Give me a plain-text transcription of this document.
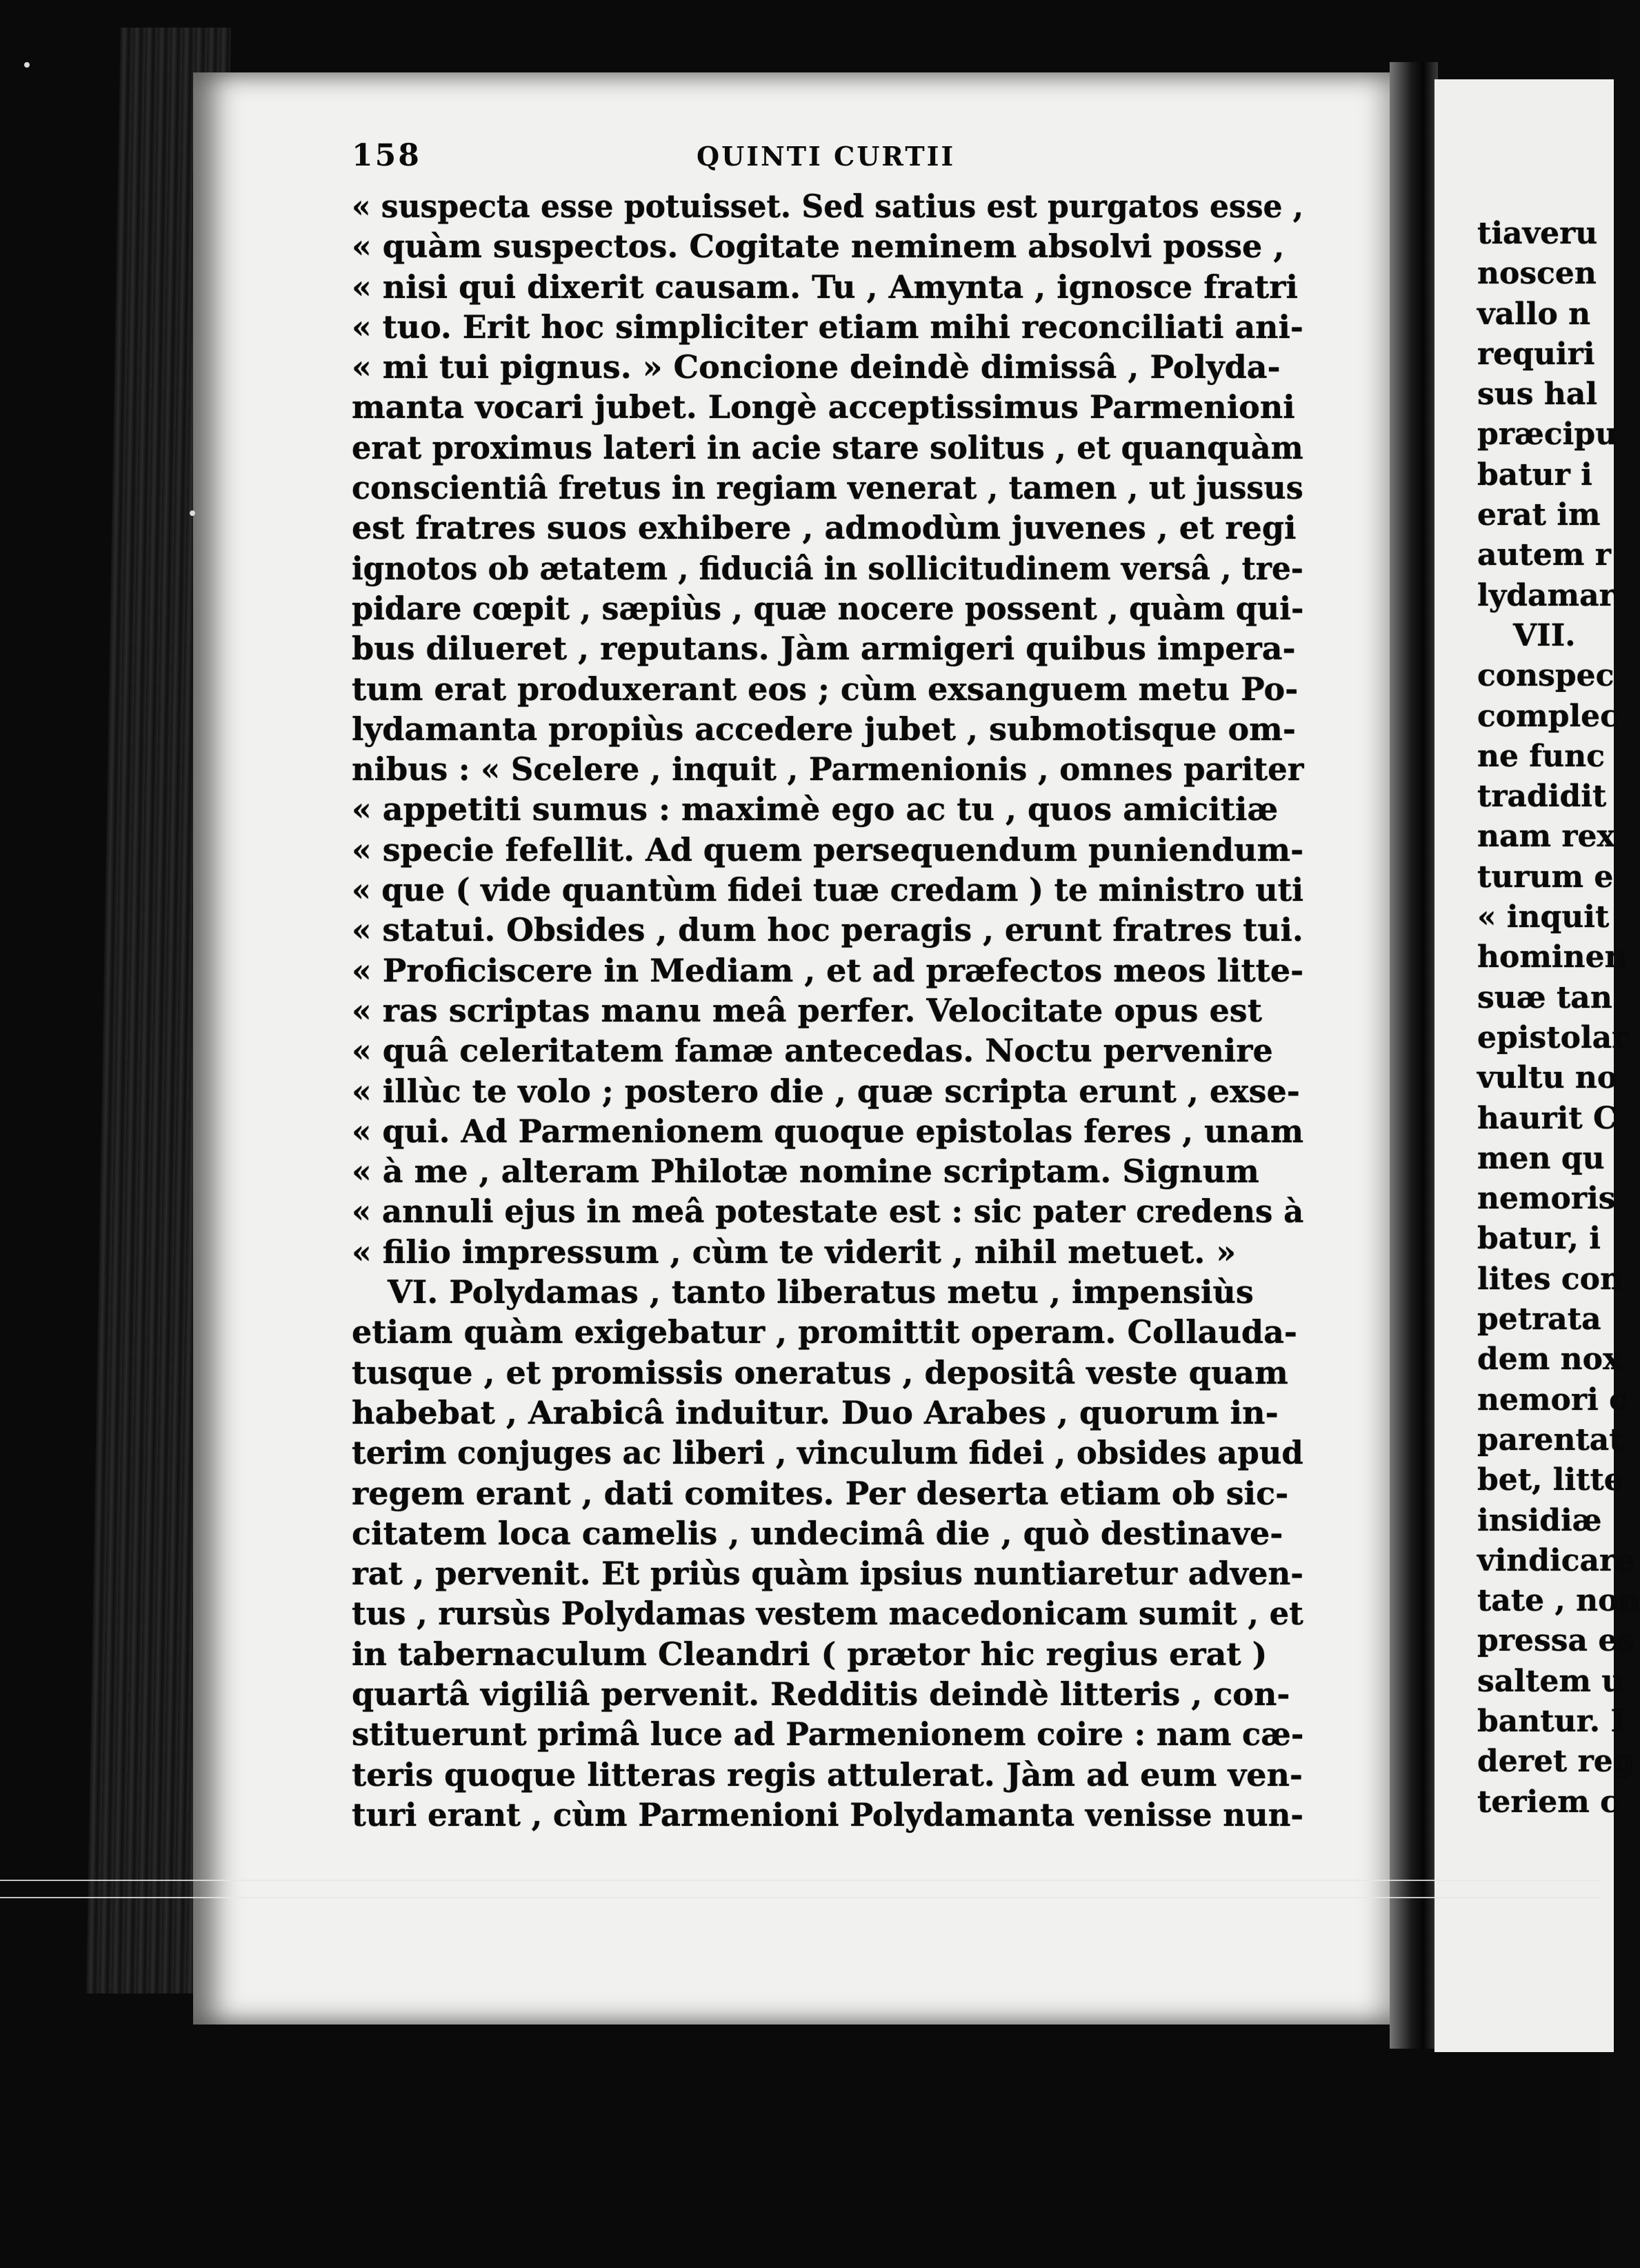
158	QUINTI CURTII
« suspecta esse potuisset. Sed satius est purgatos esse ,
« quàm suspectos. Cogitate neminem absolvi posse ,
« nisi qui dixerit causam. Tu , Amynta , ignosce fratri
« tuo. Erit hoc simpliciter etiam mihi reconciliati ani-
« mi tui pignus. » Concione deindè dimissâ , Polyda-
manta vocari jubet. Longè acceptissimus Parmenioni
erat proximus lateri in acie stare solitus , et quanquàm
conscientiâ fretus in regiam venerat , tamen , ut jussus
est fratres suos exhibere , admodùm juvenes , et regi
ignotos ob ætatem , fiduciâ in sollicitudinem versâ , tre-
pidare cœpit , sæpiùs , quæ nocere possent , quàm qui-
bus dilueret , reputans. Jàm armigeri quibus impera-
tum erat produxerant eos ; cùm exsanguem metu Po-
lydamanta propiùs accedere jubet , submotisque om-
nibus : « Scelere , inquit , Parmenionis , omnes pariter
« appetiti sumus : maximè ego ac tu , quos amicitiæ
« specie fefellit. Ad quem persequendum puniendum-
« que ( vide quantùm fidei tuæ credam ) te ministro uti
« statui. Obsides , dum hoc peragis , erunt fratres tui.
« Proficiscere in Mediam , et ad præfectos meos litte-
« ras scriptas manu meâ perfer. Velocitate opus est
« quâ celeritatem famæ antecedas. Noctu pervenire
« illùc te volo ; postero die , quæ scripta erunt , exse-
« qui. Ad Parmenionem quoque epistolas feres , unam
« à me , alteram Philotæ nomine scriptam. Signum
« annuli ejus in meâ potestate est : sic pater credens à
« filio impressum , cùm te viderit , nihil metuet. »
VI. Polydamas , tanto liberatus metu , impensiùs
etiam quàm exigebatur , promittit operam. Collauda-
tusque , et promissis oneratus , depositâ veste quam
habebat , Arabicâ induitur. Duo Arabes , quorum in-
terim conjuges ac liberi , vinculum fidei , obsides apud
regem erant , dati comites. Per deserta etiam ob sic-
citatem loca camelis , undecimâ die , quò destinave-
rat , pervenit. Et priùs quàm ipsius nuntiaretur adven-
tus , rursùs Polydamas vestem macedonicam sumit , et
in tabernaculum Cleandri ( prætor hic regius erat )
quartâ vigiliâ pervenit. Redditis deindè litteris , con-
stituerunt primâ luce ad Parmenionem coire : nam cæ-
teris quoque litteras regis attulerat. Jàm ad eum ven-
turi erant , cùm Parmenioni Polydamanta venisse nun-
tiaveru
noscen
vallo n
requiri
sus hal
præcipu
batur i
erat im
autem r
lydamar
VII.
conspec
complec
ne func
tradidit
nam rex
turum e
« inquit
hominen
suæ tan
epistolar
vultu no
haurit C
men qu
nemoris
batur, i
lites con
petrata
dem nox
nemori c
parentat
bet, litte
insidiæ
vindicare
tate , non
pressa es
saltem u
bantur. I
deret reg
teriem c
